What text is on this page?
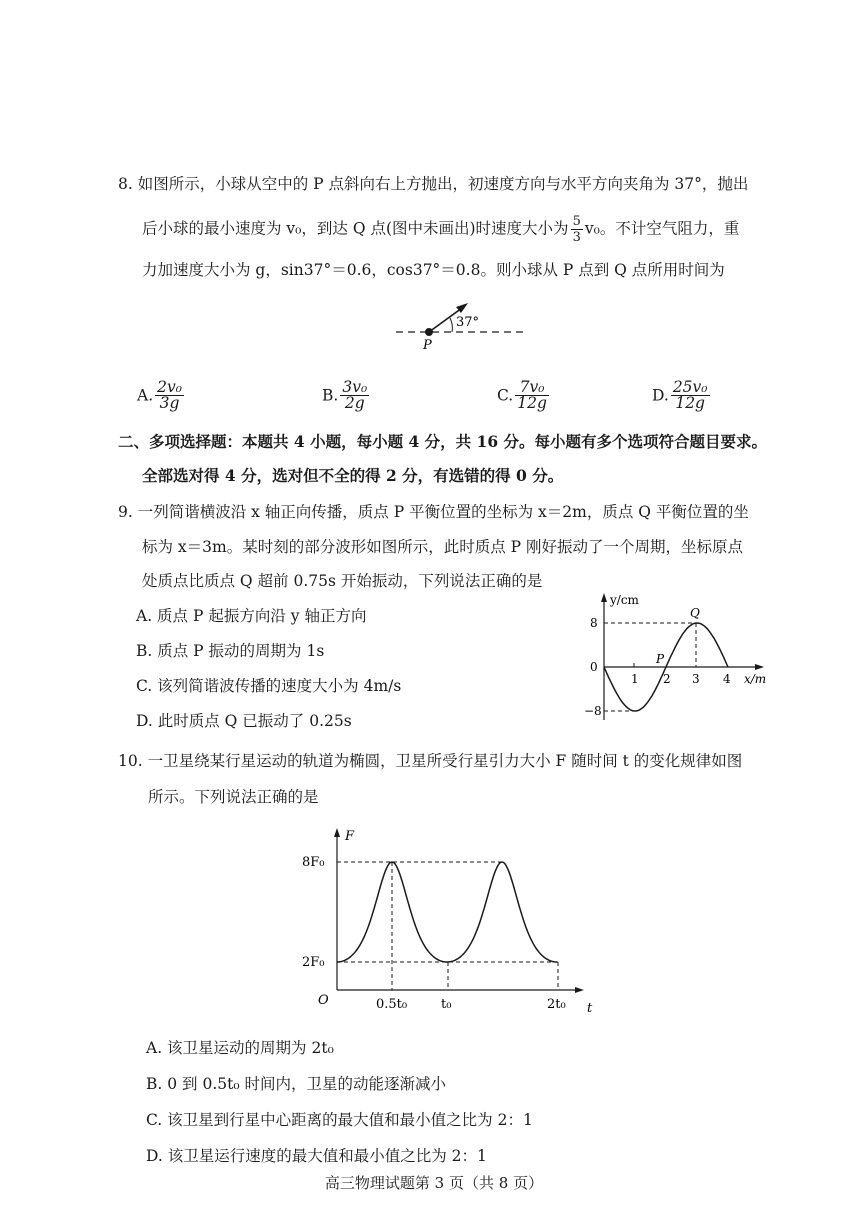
8. 如图所示，小球从空中的 P 点斜向右上方抛出，初速度方向与水平方向夹角为 37°，抛出
后小球的最小速度为 v₀，到达 Q 点(图中未画出)时速度大小为 $\frac{5}{3} v_0$。不计空气阻力，重
力加速度大小为 g，sin37°＝0.6，cos37°＝0.8。则小球从 P 点到 Q 点所用时间为
37°
P
A. $\frac{\text{2v₀}}{3g}$	B. $\frac{\text{3v₀}}{2g}$	C. $\frac{\text{7v₀}}{12g}$	D. $\frac{\text{25v₀}}{12g}$
二、多项选择题：本题共 4 小题，每小题 4 分，共 16 分。每小题有多个选项符合题目要求。
全部选对得 4 分，选对但不全的得 2 分，有选错的得 0 分。
9. 一列简谐横波沿 x 轴正向传播，质点 P 平衡位置的坐标为 x＝2m，质点 Q 平衡位置的坐
标为 x＝3m。某时刻的部分波形如图所示，此时质点 P 刚好振动了一个周期，坐标原点
处质点比质点 Q 超前 0.75s 开始振动，下列说法正确的是
A. 质点 P 起振方向沿 y 轴正方向
B. 质点 P 振动的周期为 1s
C. 该列简谐波传播的速度大小为 4m/s
D. 此时质点 Q 已振动了 0.25s
y/cm
x/m
8
0
−8
1 2 3 4
P
Q
10. 一卫星绕某行星运动的轨道为椭圆，卫星所受行星引力大小 F 随时间 t 的变化规律如图
所示。下列说法正确的是
F
t
O
8F₀
2F₀
0.5t₀	t₀	2t₀
A. 该卫星运动的周期为 2t₀
B. 0 到 0.5t₀ 时间内，卫星的动能逐渐减小
C. 该卫星到行星中心距离的最大值和最小值之比为 2：1
D. 该卫星运行速度的最大值和最小值之比为 2：1
高三物理试题第 3 页（共 8 页）
